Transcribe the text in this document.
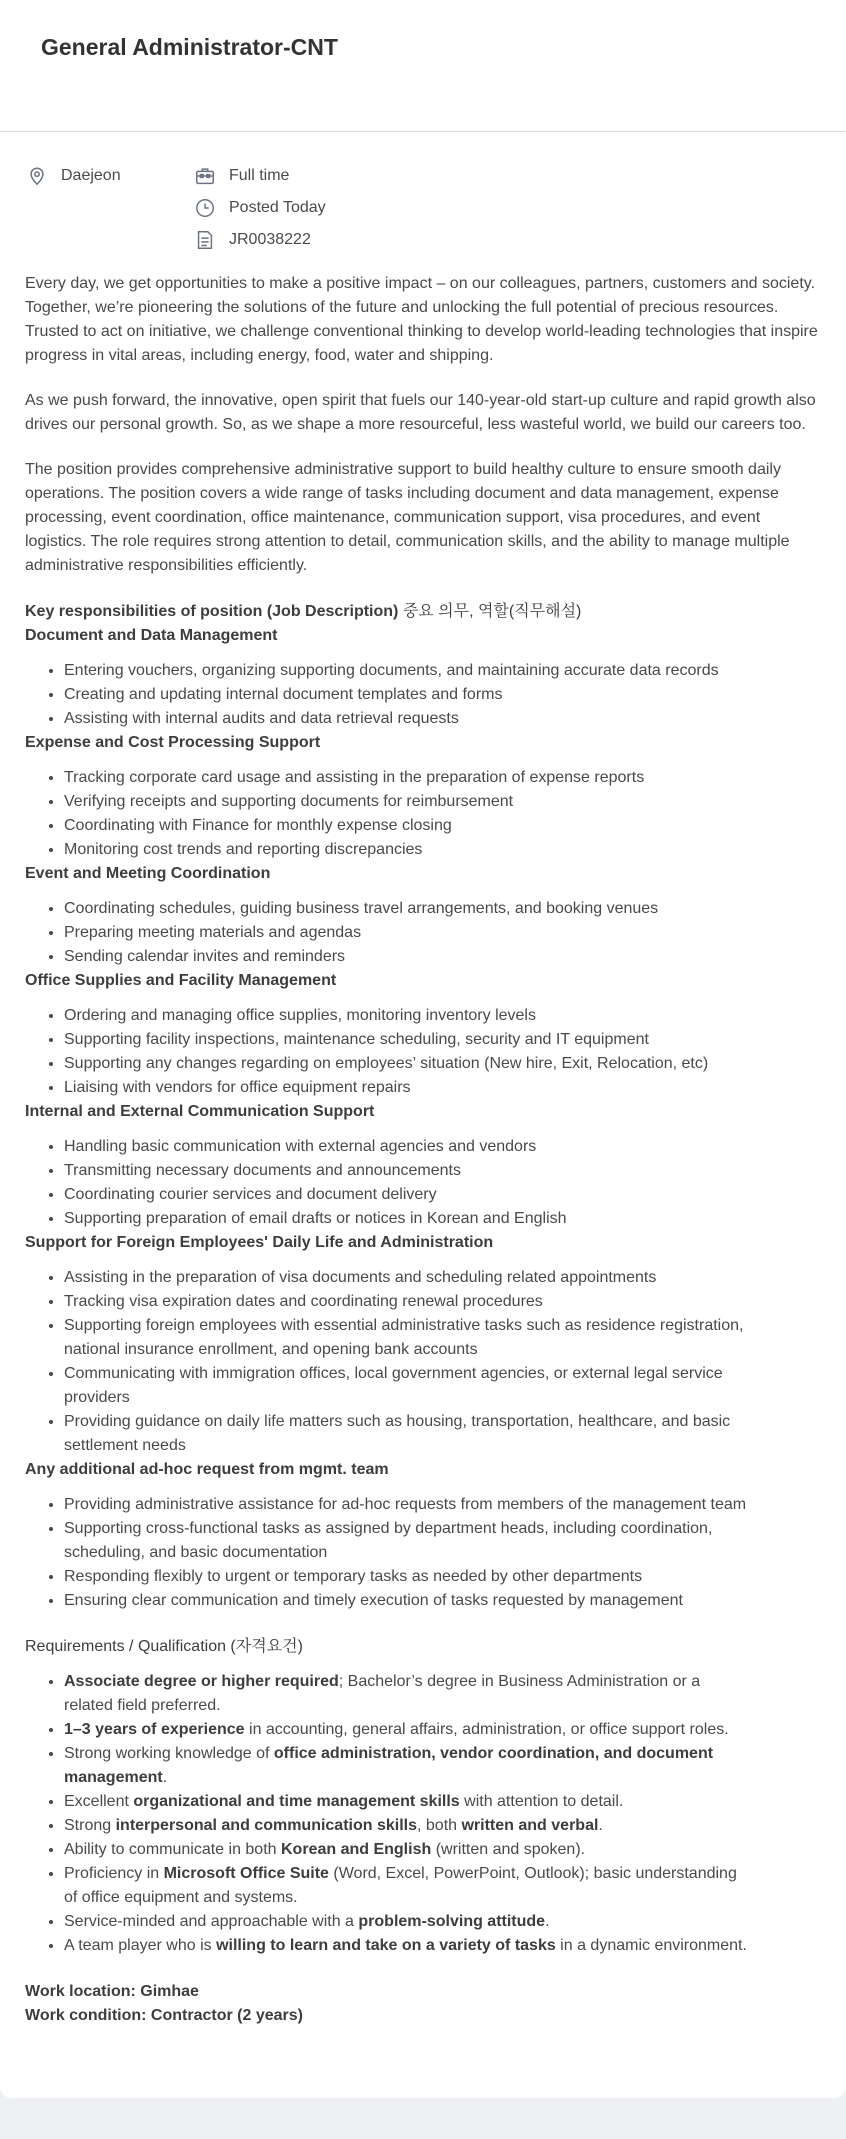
General Administrator-CNT

Every day, we get opportunities to make a positive impact – on our colleagues, partners, customers and society. Together, we’re pioneering the solutions of the future and unlocking the full potential of precious resources. Trusted to act on initiative, we challenge conventional thinking to develop world-leading technologies that inspire progress in vital areas, including energy, food, water and shipping.

As we push forward, the innovative, open spirit that fuels our 140-year-old start-up culture and rapid growth also drives our personal growth. So, as we shape a more resourceful, less wasteful world, we build our careers too.

The position provides comprehensive administrative support to build healthy culture to ensure smooth daily operations. The position covers a wide range of tasks including document and data management, expense processing, event coordination, office maintenance, communication support, visa procedures, and event logistics. The role requires strong attention to detail, communication skills, and the ability to manage multiple administrative responsibilities efficiently.

Key responsibilities of position (Job Description) 중요 의무, 역할(직무해설)
Document and Data Management
• Entering vouchers, organizing supporting documents, and maintaining accurate data records
• Creating and updating internal document templates and forms
• Assisting with internal audits and data retrieval requests
Expense and Cost Processing Support
• Tracking corporate card usage and assisting in the preparation of expense reports
• Verifying receipts and supporting documents for reimbursement
• Coordinating with Finance for monthly expense closing
• Monitoring cost trends and reporting discrepancies
Event and Meeting Coordination
• Coordinating schedules, guiding business travel arrangements, and booking venues
• Preparing meeting materials and agendas
• Sending calendar invites and reminders
Office Supplies and Facility Management
• Ordering and managing office supplies, monitoring inventory levels
• Supporting facility inspections, maintenance scheduling, security and IT equipment
• Supporting any changes regarding on employees’ situation (New hire, Exit, Relocation, etc)
• Liaising with vendors for office equipment repairs
Internal and External Communication Support
• Handling basic communication with external agencies and vendors
• Transmitting necessary documents and announcements
• Coordinating courier services and document delivery
• Supporting preparation of email drafts or notices in Korean and English
Support for Foreign Employees' Daily Life and Administration
• Assisting in the preparation of visa documents and scheduling related appointments
• Tracking visa expiration dates and coordinating renewal procedures
• Supporting foreign employees with essential administrative tasks such as residence registration, national insurance enrollment, and opening bank accounts
• Communicating with immigration offices, local government agencies, or external legal service providers
• Providing guidance on daily life matters such as housing, transportation, healthcare, and basic settlement needs
Any additional ad-hoc request from mgmt. team
• Providing administrative assistance for ad-hoc requests from members of the management team
• Supporting cross-functional tasks as assigned by department heads, including coordination, scheduling, and basic documentation
• Responding flexibly to urgent or temporary tasks as needed by other departments
• Ensuring clear communication and timely execution of tasks requested by management
Requirements / Qualification (자격요건)
• Associate degree or higher required; Bachelor’s degree in Business Administration or a related field preferred.
• 1–3 years of experience in accounting, general affairs, administration, or office support roles.
• Strong working knowledge of office administration, vendor coordination, and document management.
• Excellent organizational and time management skills with attention to detail.
• Strong interpersonal and communication skills, both written and verbal.
• Ability to communicate in both Korean and English (written and spoken).
• Proficiency in Microsoft Office Suite (Word, Excel, PowerPoint, Outlook); basic understanding of office equipment and systems.
• Service-minded and approachable with a problem-solving attitude.
• A team player who is willing to learn and take on a variety of tasks in a dynamic environment.
Work location: Gimhae
Work condition: Contractor (2 years)
Daejeon	Full time
Posted Today
JR0038222
